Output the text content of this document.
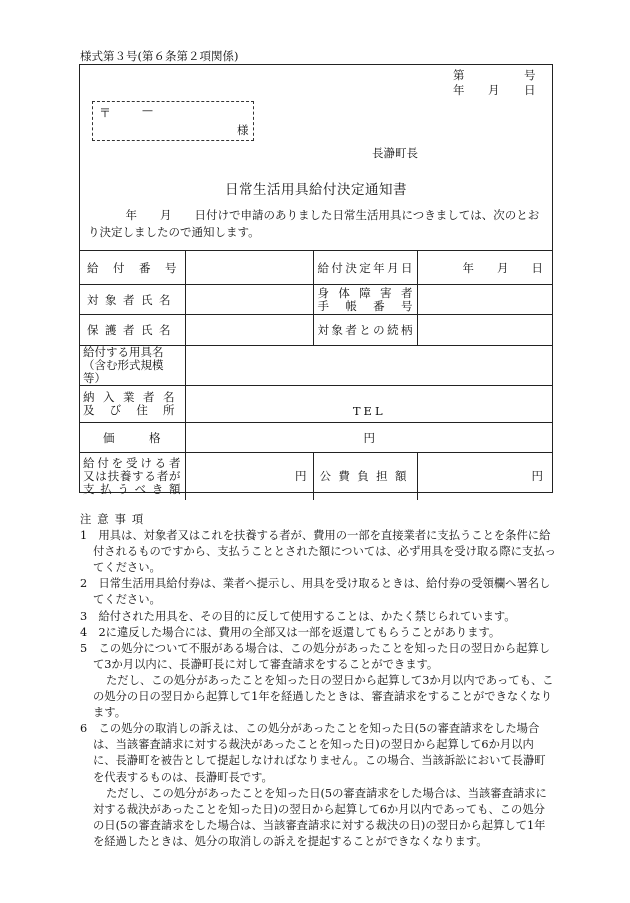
様式第３号(第６条第２項関係)
第	号
年 月 日
〒	—
様
長瀞町長
日常生活用具給付決定通知書
　年　　月　　日付けで申請のありました日常生活用具につきましては、次のとおり決定しましたので通知します。
給付番号		給付決定年月日	年　　月　　日
対象者氏名		身体障害者
手帳番号	

保護者氏名		対象者との続柄	

給付する用具名
（含む形式規模等）			

納入業者名
及び住所	TEL		
価格	円		

給付を受ける者
又は扶養する者が
支払うべき額	円	公費負担額	円

注意事項

1　用具は、対象者又はこれを扶養する者が、費用の一部を直接業者に支払うことを条件に給付されるものですから、支払うこととされた額については、必ず用具を受け取る際に支払ってください。

2　日常生活用具給付券は、業者へ提示し、用具を受け取るときは、給付券の受領欄へ署名してください。

3　給付された用具を、その目的に反して使用することは、かたく禁じられています。

4　2に違反した場合には、費用の全部又は一部を返還してもらうことがあります。

5　この処分について不服がある場合は、この処分があったことを知った日の翌日から起算して3か月以内に、長瀞町長に対して審査請求をすることができます。

ただし、この処分があったことを知った日の翌日から起算して3か月以内であっても、この処分の日の翌日から起算して1年を経過したときは、審査請求をすることができなくなります。

6　この処分の取消しの訴えは、この処分があったことを知った日(5の審査請求をした場合は、当該審査請求に対する裁決があったことを知った日)の翌日から起算して6か月以内に、長瀞町を被告として提起しなければなりません。この場合、当該訴訟において長瀞町を代表するものは、長瀞町長です。

ただし、この処分があったことを知った日(5の審査請求をした場合は、当該審査請求に対する裁決があったことを知った日)の翌日から起算して6か月以内であっても、この処分の日(5の審査請求をした場合は、当該審査請求に対する裁決の日)の翌日から起算して1年を経過したときは、処分の取消しの訴えを提起することができなくなります。
